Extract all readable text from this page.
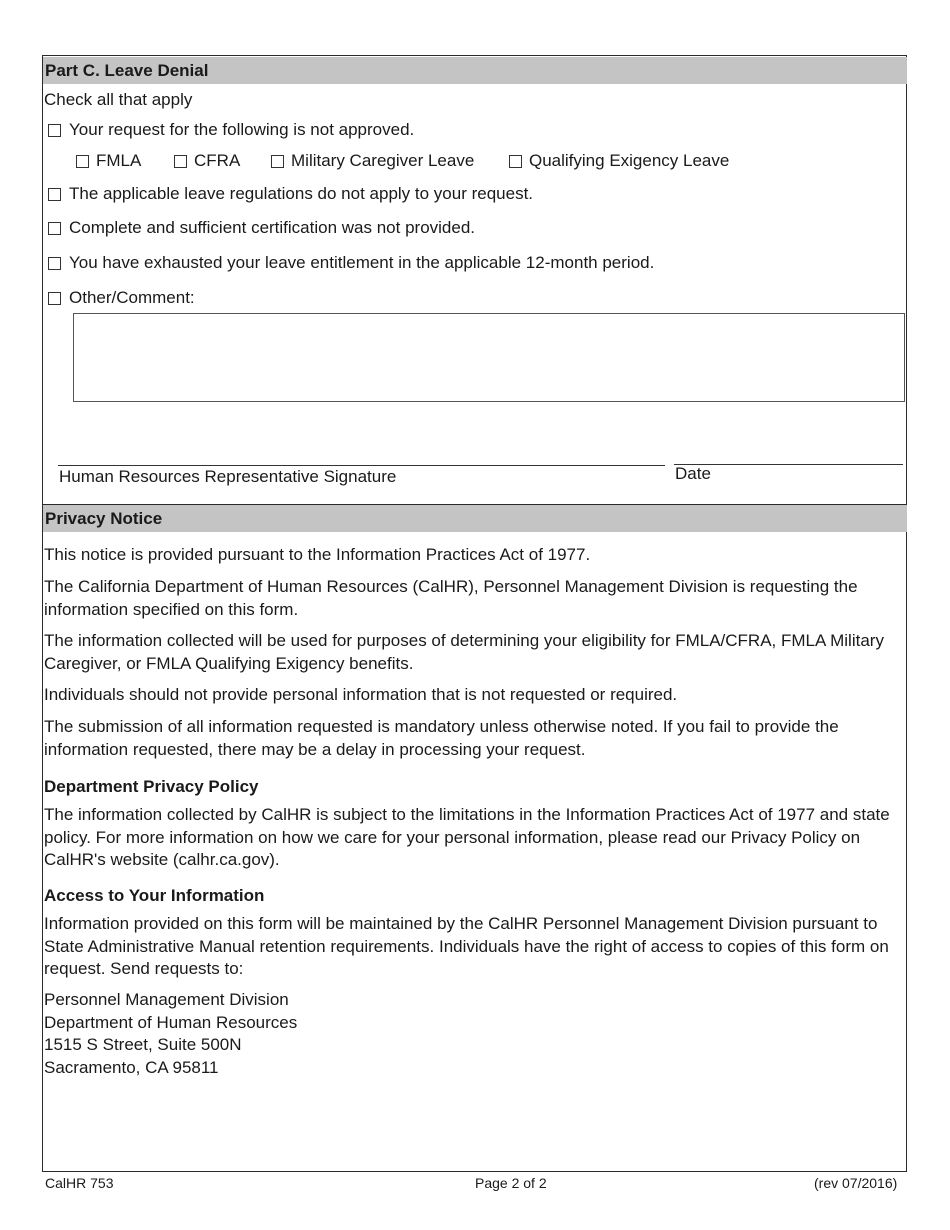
Part C. Leave Denial
Check all that apply
Your request for the following is not approved.
FMLA	CFRA	Military Caregiver Leave	Qualifying Exigency Leave
The applicable leave regulations do not apply to your request.
Complete and sufficient certification was not provided.
You have exhausted your leave entitlement in the applicable 12-month period.
Other/Comment:
Human Resources Representative Signature	Date
Privacy Notice
This notice is provided pursuant to the Information Practices Act of 1977.
The California Department of Human Resources (CalHR), Personnel Management Division is requesting the information specified on this form.
The information collected will be used for purposes of determining your eligibility for FMLA/CFRA, FMLA Military Caregiver, or FMLA Qualifying Exigency benefits.
Individuals should not provide personal information that is not requested or required.
The submission of all information requested is mandatory unless otherwise noted. If you fail to provide the information requested, there may be a delay in processing your request.
Department Privacy Policy
The information collected by CalHR is subject to the limitations in the Information Practices Act of 1977 and state policy. For more information on how we care for your personal information, please read our Privacy Policy on CalHR's website (calhr.ca.gov).
Access to Your Information
Information provided on this form will be maintained by the CalHR Personnel Management Division pursuant to State Administrative Manual retention requirements. Individuals have the right of access to copies of this form on request. Send requests to:
Personnel Management Division
Department of Human Resources
1515 S Street, Suite 500N
Sacramento, CA 95811
CalHR 753	Page 2 of 2	(rev 07/2016)
